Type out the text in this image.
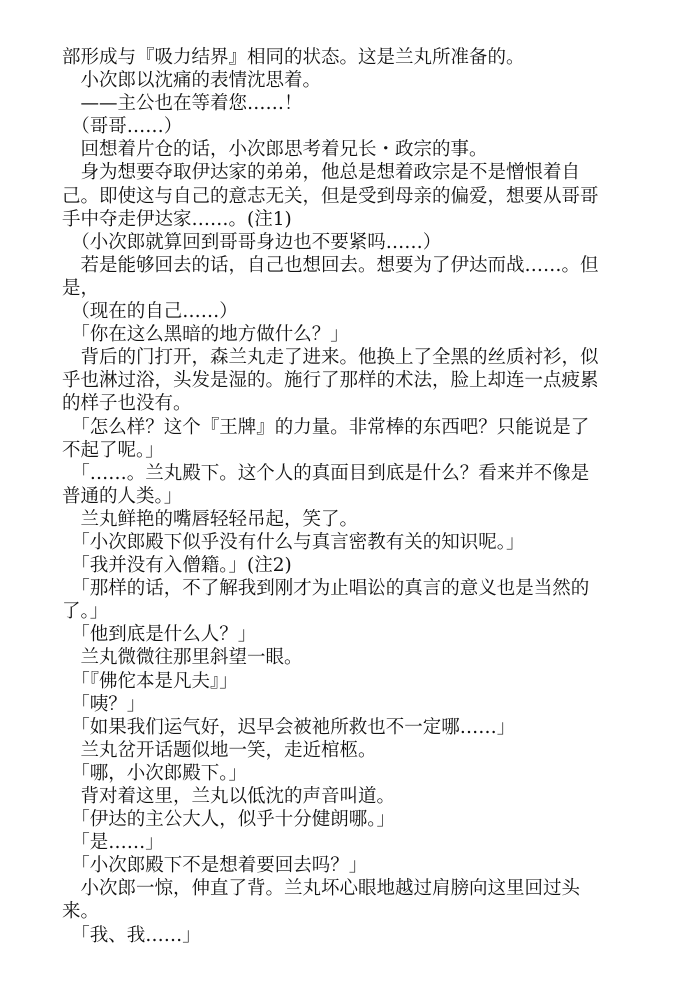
部形成与『吸力结界』相同的状态。这是兰丸所准备的。
　小次郎以沈痛的表情沈思着。
　——主公也在等着您……！
　（哥哥……）
　回想着片仓的话，小次郎思考着兄长・政宗的事。
　身为想要夺取伊达家的弟弟，他总是想着政宗是不是憎恨着自
己。即使这与自己的意志无关，但是受到母亲的偏爱，想要从哥哥
手中夺走伊达家……。(注1)
　（小次郎就算回到哥哥身边也不要紧吗……）
　若是能够回去的话，自己也想回去。想要为了伊达而战……。但
是，
　（现在的自己……）
　「你在这么黑暗的地方做什么？」
　背后的门打开，森兰丸走了进来。他换上了全黑的丝质衬衫，似
乎也淋过浴，头发是湿的。施行了那样的术法，脸上却连一点疲累
的样子也没有。
　「怎么样？这个『王牌』的力量。非常棒的东西吧？只能说是了
不起了呢。」
　「……。兰丸殿下。这个人的真面目到底是什么？看来并不像是
普通的人类。」
　兰丸鲜艳的嘴唇轻轻吊起，笑了。
　「小次郎殿下似乎没有什么与真言密教有关的知识呢。」
　「我并没有入僧籍。」(注2)
　「那样的话，不了解我到刚才为止唱讼的真言的意义也是当然的
了。」
　「他到底是什么人？」
　兰丸微微往那里斜望一眼。
　「『佛佗本是凡夫』」
　「咦？」
　「如果我们运气好，迟早会被祂所救也不一定哪……」
　兰丸岔开话题似地一笑，走近棺柩。
　「哪，小次郎殿下。」
　背对着这里，兰丸以低沈的声音叫道。
　「伊达的主公大人，似乎十分健朗哪。」
　「是……」
　「小次郎殿下不是想着要回去吗？」
　小次郎一惊，伸直了背。兰丸坏心眼地越过肩膀向这里回过头
来。
　「我、我……」
